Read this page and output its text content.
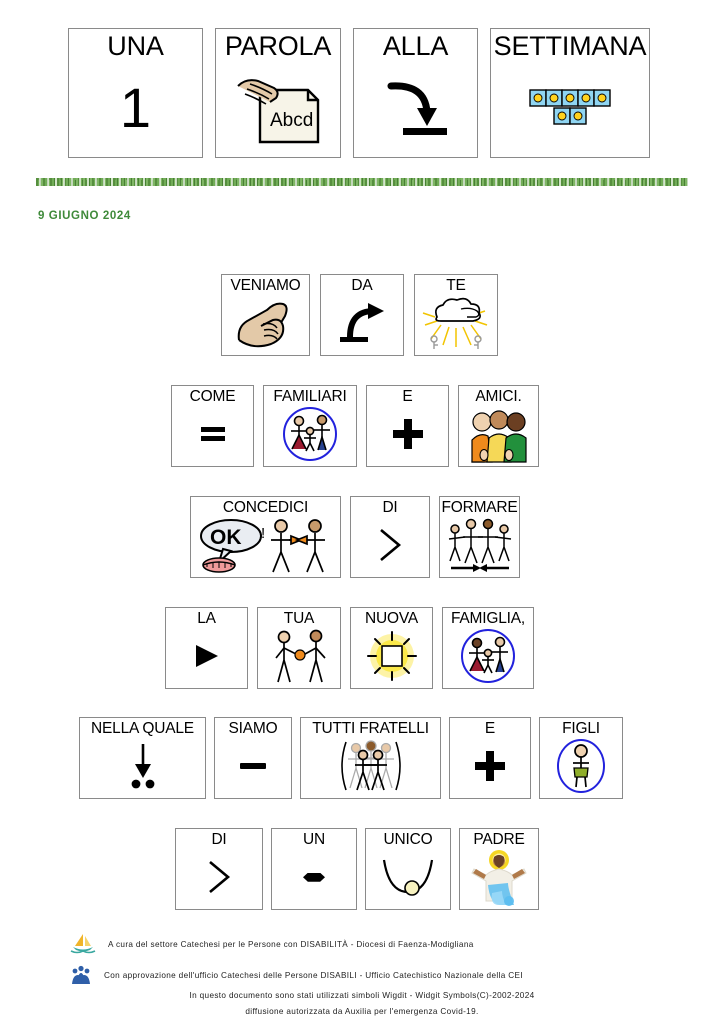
UNA
1
PAROLA
Abcd
ALLA SETTIMANA
9 GIUGNO 2024
VENIAMO	DA	TE
COME FAMILIARI	E	AMICI.
CONCEDICI
OK !
DI	FORMARE
LA	TUA	NUOVA FAMIGLIA,
NELLA QUALE SIAMO TUTTI FRATELLI	E	FIGLI
DI	UN	UNICO	PADRE
A cura del settore Catechesi per le Persone con DISABILITÀ - Diocesi di Faenza-Modigliana
Con approvazione dell'ufficio Catechesi delle Persone DISABILI - Ufficio Catechistico Nazionale della CEI
In questo documento sono stati utilizzati simboli Wigdit - Widgit Symbols(C)-2002-2024
diffusione autorizzata da Auxilia per l'emergenza Covid-19.
